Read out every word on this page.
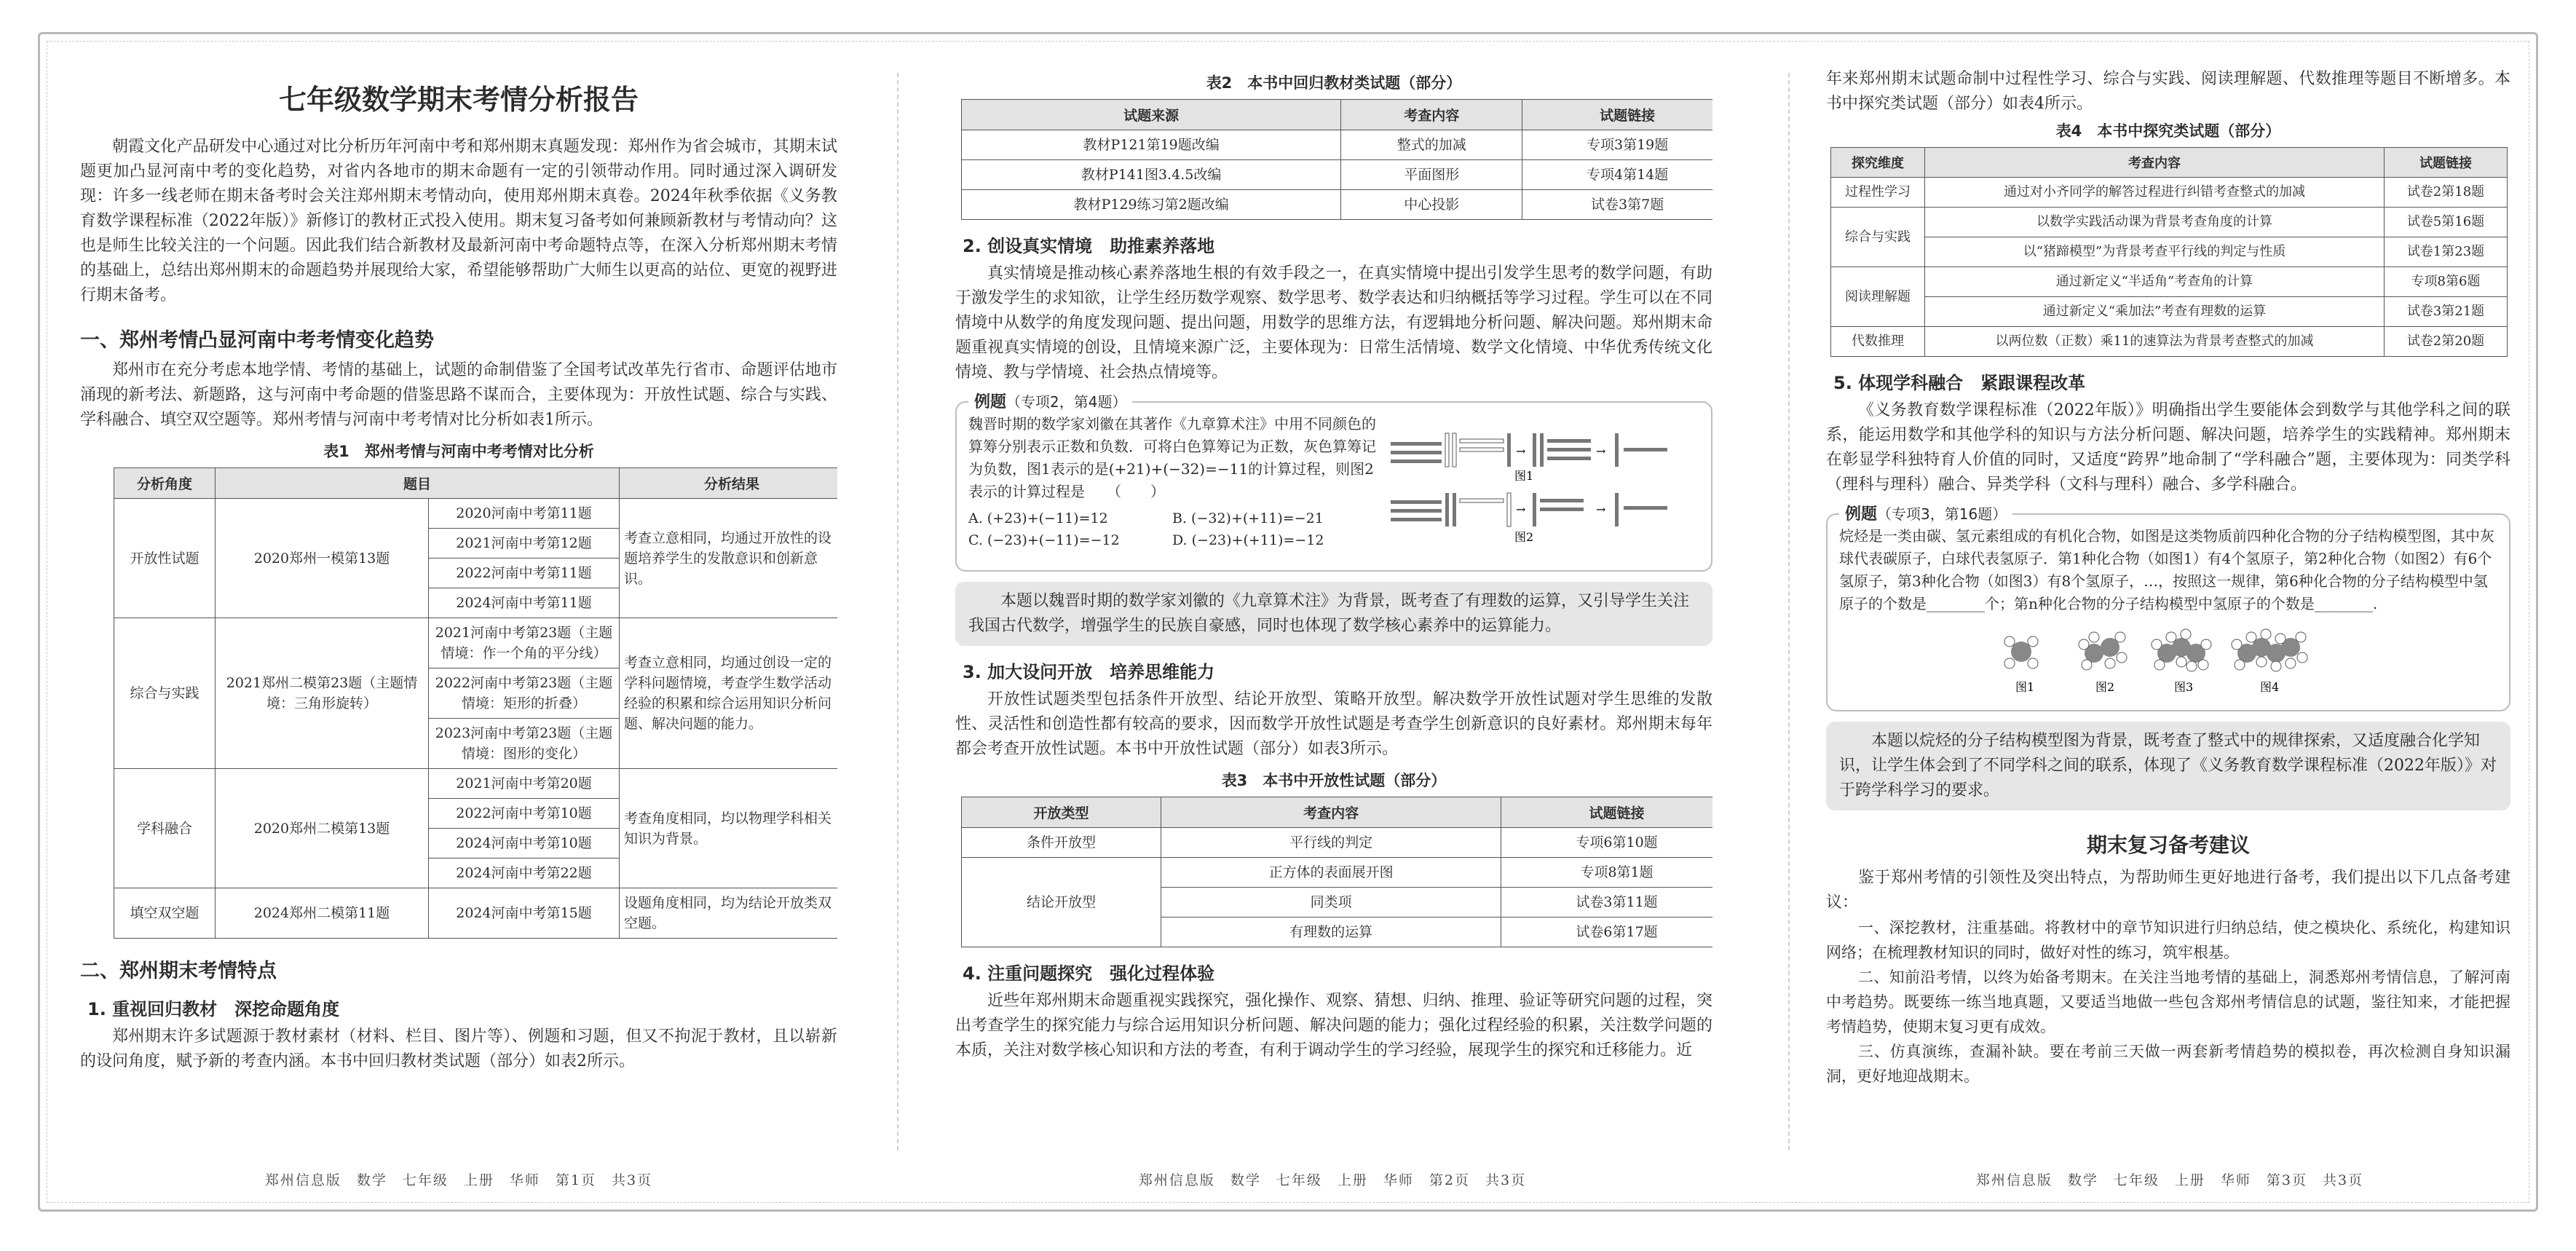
七年级数学期末考情分析报告

朝霞文化产品研发中心通过对比分析历年河南中考和郑州期末真题发现：郑州作为省会城市，其期末试题更加凸显河南中考的变化趋势，对省内各地市的期末命题有一定的引领带动作用。同时通过深入调研发现：许多一线老师在期末备考时会关注郑州期末考情动向，使用郑州期末真卷。2024年秋季依据《义务教育数学课程标准（2022年版）》新修订的教材正式投入使用。期末复习备考如何兼顾新教材与考情动向？这也是师生比较关注的一个问题。因此我们结合新教材及最新河南中考命题特点等，在深入分析郑州期末考情的基础上，总结出郑州期末的命题趋势并展现给大家，希望能够帮助广大师生以更高的站位、更宽的视野进行期末备考。

一、郑州考情凸显河南中考考情变化趋势

郑州市在充分考虑本地学情、考情的基础上，试题的命制借鉴了全国考试改革先行省市、命题评估地市涌现的新考法、新题路，这与河南中考命题的借鉴思路不谋而合，主要体现为：开放性试题、综合与实践、学科融合、填空双空题等。郑州考情与河南中考考情对比分析如表1所示。

表1　郑州考情与河南中考考情对比分析
分析角度	题目		分析结果
开放性试题	2020郑州一模第13题	2020河南中考第11题	考查立意相同，均通过开放性的设题培养学生的发散意识和创新意识。
		2021河南中考第12题	
		2022河南中考第11题	
		2024河南中考第11题	
综合与实践	2021郑州二模第23题（主题情境：三角形旋转）	2021河南中考第23题（主题情境：作一个角的平分线）	考查立意相同，均通过创设一定的学科问题情境，考查学生数学活动经验的积累和综合运用知识分析问题、解决问题的能力。
		2022河南中考第23题（主题情境：矩形的折叠）	
		2023河南中考第23题（主题情境：图形的变化）	
学科融合	2020郑州二模第13题	2021河南中考第20题	考查角度相同，均以物理学科相关知识为背景。
		2022河南中考第10题	
		2024河南中考第10题	
		2024河南中考第22题	
填空双空题	2024郑州二模第11题	2024河南中考第15题	设题角度相同，均为结论开放类双空题。
二、郑州期末考情特点
1. 重视回归教材　深挖命题角度

郑州期末许多试题源于教材素材（材料、栏目、图片等）、例题和习题，但又不拘泥于教材，且以崭新的设问角度，赋予新的考查内涵。本书中回归教材类试题（部分）如表2所示。

表2　本书中回归教材类试题（部分）
试题来源	考查内容	试题链接
教材P121第19题改编	整式的加减	专项3第19题
教材P141图3.4.5改编	平面图形	专项4第14题
教材P129练习第2题改编	中心投影	试卷3第7题
2. 创设真实情境　助推素养落地

真实情境是推动核心素养落地生根的有效手段之一，在真实情境中提出引发学生思考的数学问题，有助于激发学生的求知欲，让学生经历数学观察、数学思考、数学表达和归纳概括等学习过程。学生可以在不同情境中从数学的角度发现问题、提出问题，用数学的思维方法，有逻辑地分析问题、解决问题。郑州期末命题重视真实情境的创设，且情境来源广泛，主要体现为：日常生活情境、数学文化情境、中华优秀传统文化情境、教与学情境、社会热点情境等。

例题（专项2，第4题）
魏晋时期的数学家刘徽在其著作《九章算术注》中用不同颜色的算筹分别表示正数和负数．可将白色算筹记为正数，灰色算筹记为负数，图1表示的是(+21)+(−32)=−11的计算过程，则图2表示的计算过程是　　（　　）
A. (+23)+(−11)=12	B. (−32)+(+11)=−21
C. (−23)+(−11)=−12	D. (−23)+(+11)=−12
→	→
图1
→	→
图2
本题以魏晋时期的数学家刘徽的《九章算术注》为背景，既考查了有理数的运算，又引导学生关注我国古代数学，增强学生的民族自豪感，同时也体现了数学核心素养中的运算能力。
3. 加大设问开放　培养思维能力

开放性试题类型包括条件开放型、结论开放型、策略开放型。解决数学开放性试题对学生思维的发散性、灵活性和创造性都有较高的要求，因而数学开放性试题是考查学生创新意识的良好素材。郑州期末每年都会考查开放性试题。本书中开放性试题（部分）如表3所示。

表3　本书中开放性试题（部分）
开放类型	考查内容	试题链接
条件开放型	平行线的判定	专项6第10题
结论开放型	正方体的表面展开图	专项8第1题
	同类项	试卷3第11题
	有理数的运算	试卷6第17题
4. 注重问题探究　强化过程体验

近些年郑州期末命题重视实践探究，强化操作、观察、猜想、归纳、推理、验证等研究问题的过程，突出考查学生的探究能力与综合运用知识分析问题、解决问题的能力；强化过程经验的积累，关注数学问题的本质，关注对数学核心知识和方法的考查，有利于调动学生的学习经验，展现学生的探究和迁移能力。近

年来郑州期末试题命制中过程性学习、综合与实践、阅读理解题、代数推理等题目不断增多。本书中探究类试题（部分）如表4所示。

表4　本书中探究类试题（部分）
探究维度	考查内容	试题链接
过程性学习	通过对小齐同学的解答过程进行纠错考查整式的加减	试卷2第18题
综合与实践	以数学实践活动课为背景考查角度的计算	试卷5第16题
	以“猪蹄模型”为背景考查平行线的判定与性质	试卷1第23题
阅读理解题	通过新定义“半适角”考查角的计算	专项8第6题
	通过新定义“乘加法”考查有理数的运算	试卷3第21题
代数推理	以两位数（正数）乘11的速算法为背景考查整式的加减	试卷2第20题
5. 体现学科融合　紧跟课程改革

《义务教育数学课程标准（2022年版）》明确指出学生要能体会到数学与其他学科之间的联系，能运用数学和其他学科的知识与方法分析问题、解决问题，培养学生的实践精神。郑州期末在彰显学科独特育人价值的同时，又适度“跨界”地命制了“学科融合”题，主要体现为：同类学科（理科与理科）融合、异类学科（文科与理科）融合、多学科融合。

例题（专项3，第16题）
烷烃是一类由碳、氢元素组成的有机化合物，如图是这类物质前四种化合物的分子结构模型图，其中灰球代表碳原子，白球代表氢原子．第1种化合物（如图1）有4个氢原子，第2种化合物（如图2）有6个氢原子，第3种化合物（如图3）有8个氢原子，…，按照这一规律，第6种化合物的分子结构模型中氢原子的个数是________个；第n种化合物的分子结构模型中氢原子的个数是________.
图1	图2	图3	图4
本题以烷烃的分子结构模型图为背景，既考查了整式中的规律探索，又适度融合化学知识，让学生体会到了不同学科之间的联系，体现了《义务教育数学课程标准（2022年版）》对于跨学科学习的要求。
期末复习备考建议

鉴于郑州考情的引领性及突出特点，为帮助师生更好地进行备考，我们提出以下几点备考建议：

一、深挖教材，注重基础。将教材中的章节知识进行归纳总结，使之模块化、系统化，构建知识网络；在梳理教材知识的同时，做好对性的练习，筑牢根基。

二、知前沿考情，以终为始备考期末。在关注当地考情的基础上，洞悉郑州考情信息，了解河南中考趋势。既要练一练当地真题，又要适当地做一些包含郑州考情信息的试题，鉴往知来，才能把握考情趋势，使期末复习更有成效。

三、仿真演练，查漏补缺。要在考前三天做一两套新考情趋势的模拟卷，再次检测自身知识漏洞，更好地迎战期末。

郑州信息版　数学　七年级　上册　华师　第1页　共3页	郑州信息版　数学　七年级　上册　华师　第2页　共3页	郑州信息版　数学　七年级　上册　华师　第3页　共3页
